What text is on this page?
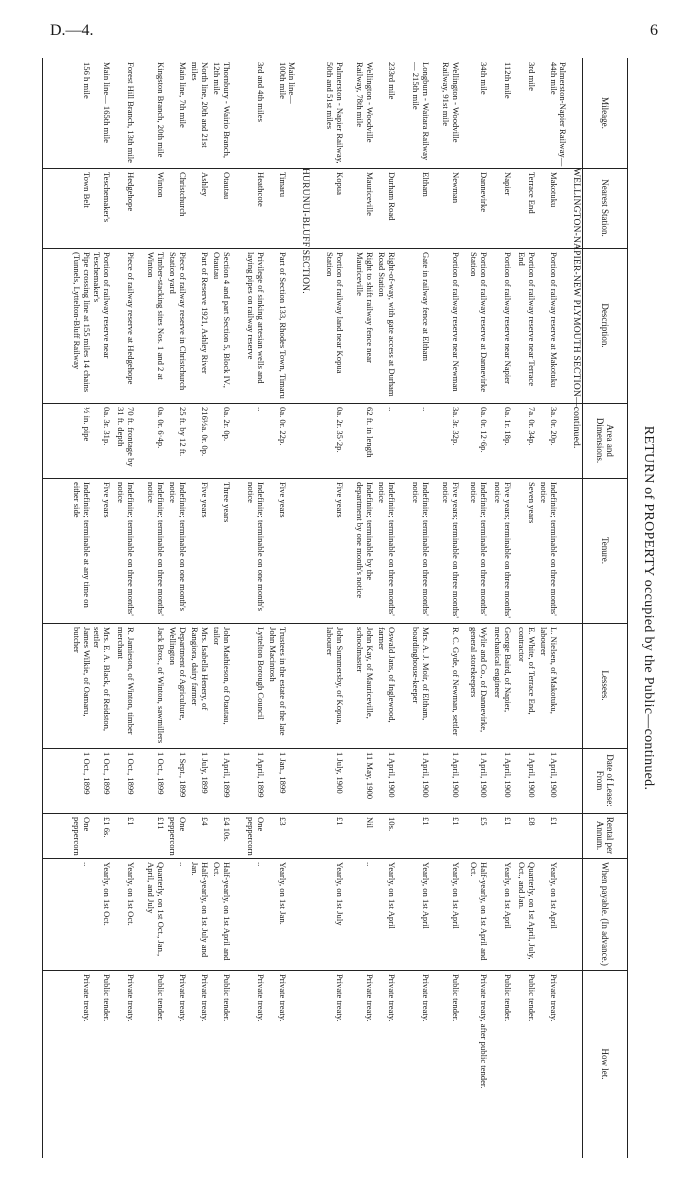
D.—4.	6
RETURN of PROPERTY occupied by the Public—continued.
Mileage.
Nearest Station.
Description.
Area and Dimensions.
Tenure.
Lessees.
Date of Lease: From
Rental per Annum.
When payable. (In advance.)
How let.
WELLINGTON-NAPIER-NEW PLYMOUTH SECTION—continued.
Palmerston-Napier Railway—
44th mile
Makotuku
Portion of railway reserve at Makotuku
3a. 0r. 20p.
Indefinite; terminable on three months' notice
L. Nielsen, of Makotuku, labourer
1 April, 1900
£1
Yearly, on 1st April
Private treaty.
3rd mile
Terrace End
Portion of railway reserve near Terrace End
7a. 0r. 34p.
Seven years
E. White, of Terrace End, contractor
1 April, 1900
£8
Quarterly, on 1st April, July, Oct., and Jan.
Public tender.
112th mile
Napier
Portion of railway reserve near Napier
0a. 1r. 18p.
Five years; terminable on three months' notice
George Baird, of Napier, mechanical engineer
1 April, 1900
£1
Yearly, on 1st April
Public tender.
34th mile
Dannevirke
Portion of railway reserve at Dannevirke Station
0a. 0r. 12·6p.
Indefinite; terminable on three months' notice
Wylie and Co., of Dannevirke, general storekeepers
1 April, 1900
£5
Half-yearly, on 1st April and Oct.
Private treaty, after public tender.
Wellington - Woodville Railway, 91st mile
Newman
Portion of railway reserve near Newman
3a. 3r. 32p.
Five years; terminable on three months' notice
R. C. Gyde, of Newman, settler
1 April, 1900
£1
Yearly, on 1st April
Public tender.
Longburn - Waitara Railway— 215th mile
Eltham
Gate in railway fence at Eltham
..
Indefinite; terminable on three months' notice
Mrs. A. J. Moir, of Eltham, boardinghouse-keeper
1 April, 1900
£1
Yearly, on 1st April
Private treaty.
233rd mile
Durham Road
Right-of-way, with gate access at Durham Road Station
..
Indefinite; terminable on three months' notice
Oswald Jans, of Inglewood, farmer
1 April, 1900
10s.
Yearly, on 1st April
Private treaty.
Wellington - Woodville Railway, 78th mile
Mauriceville
Right to shift railway fence near Mauriceville
62 ft. in length
Indefinite; terminable by the department by one month's notice
John Kay, of Mauriceville, schoolmaster
11 May, 1900
Nil
..
Private treaty.
Palmerston - Napier Railway, 50th and 51st miles
Kopua
Portion of railway land near Kopua Station
0a. 2r. 35·2p.
Five years
John Summersby, of Kopua, labourer
1 July, 1900
£1
Yearly, on 1st July
Private treaty.
HURUNUI-BLUFF SECTION.
Main line—
100th mile
Timaru
Part of Section 133, Rhodes Town, Timaru
0a. 0r. 22p.
Five years
Trustees in the estate of the late John Macintosh
1 Jan., 1899
£3
Yearly, on 1st Jan.
Private treaty.
3rd and 4th miles
Heathcote
Privilege of sinking artesian wells and laying pipes on railway reserve
..
Indefinite; terminable on one month's notice
Lyttelton Borough Council
1 April, 1899
One peppercorn
..
Private treaty.
Thornbury - Wairio Branch, 12th mile
Otautau
Section 4 and part Section 5, Block IV., Otautau
0a. 2r. 0p.
Three years
John Mathieson, of Otautau, tailor
1 April, 1899
£4 10s.
Half-yearly, on 1st April and Oct.
Public tender.
North line, 20th and 21st miles
Ashley
Part of Reserve 1921, Ashley River
216½a. 0r. 0p.
Five years
Mrs. Isabella Henery, of Rangiora, dairy farmer
1 July, 1899
£4
Half-yearly, on 1st July and Jan.
Private treaty.
Main line, 7th mile
Christchurch
Piece of railway reserve in Christchurch Station yard
25 ft. by 12 ft.
Indefinite; terminable on one month's notice
Department of Agriculture, Wellington
1 Sept., 1899
One peppercorn
..
Private treaty.
Kingston Branch, 20th mile
Winton
Timber-stacking sites Nos. 1 and 2 at Winton
0a. 0r. 6·4p.
Indefinite; terminable on three months' notice
Jack Bros., of Winton, sawmillers
1 Oct., 1899
£11
Quarterly, on 1st Oct., Jan., April, and July
Public tender.
Forest Hill Branch, 13th mile
Hedgehope
Piece of railway reserve at Hedgehope
70 ft. frontage by 31 ft. depth
Indefinite; terminable on three months' notice
R. Jamieson, of Winton, timber merchant
1 Oct., 1899
£1
Yearly, on 1st Oct.
Private treaty.
Main line— 165th mile
Teschemaker's
Portion of railway reserve near Teschemaker's
0a. 3r. 31p.
Five years
Mrs. E. A. Black, of Reidston, settler
1 Oct., 1899
£1 6s.
Yearly, on 1st Oct.
Public tender.
156 h mile
Town Belt
Pipe crossing line at 155 miles 14 chains (Tunnels, Lyttelton-Bluff Railway
½ in. pipe
Indefinite; terminable at any time on either side
James Wilkie, of Oamaru, butcher
1 Oct., 1899
One peppercorn
..
Private treaty.
